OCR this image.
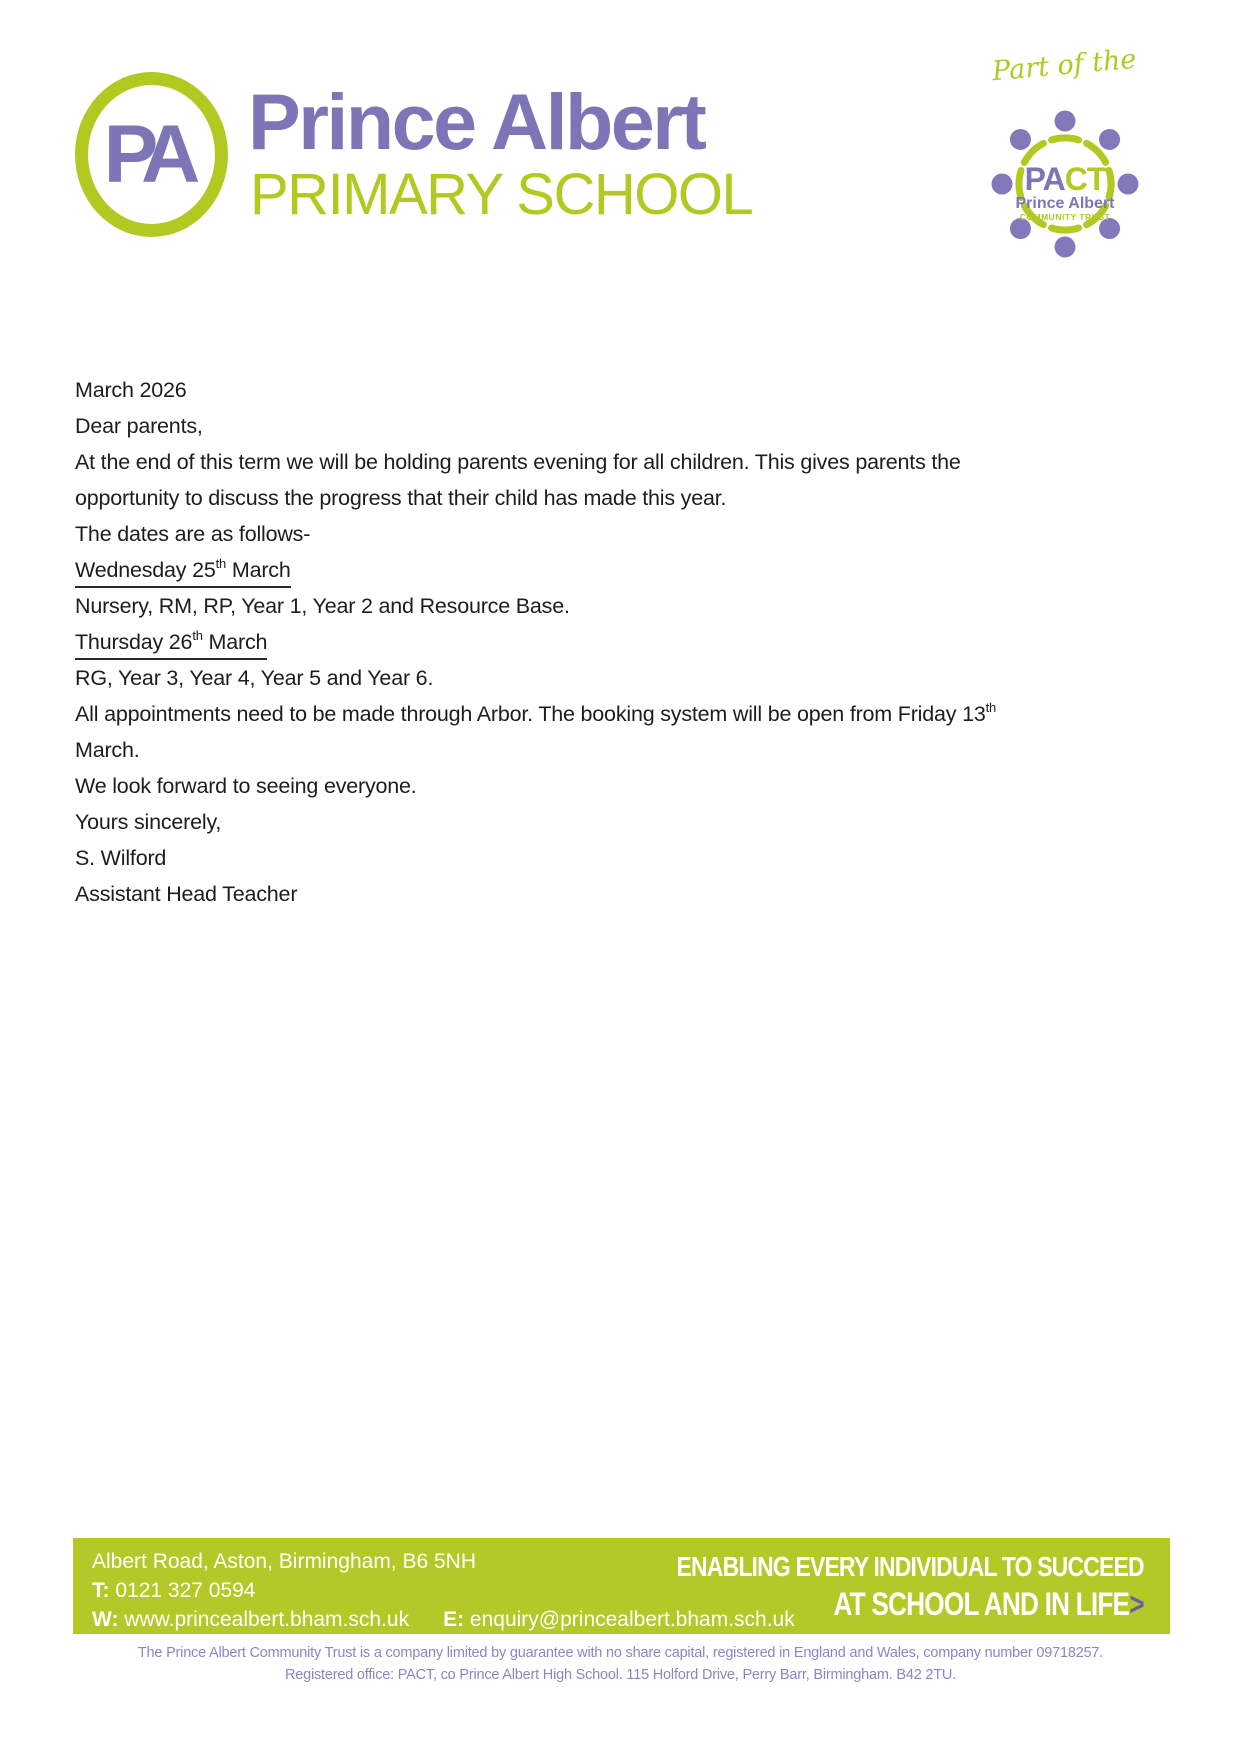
PA Prince Albert
PRIMARY SCHOOL
Part of the
PACT
Prince Albert
COMMUNITY TRUST

March 2026

Dear parents,

At the end of this term we will be holding parents evening for all children. This gives parents the
opportunity to discuss the progress that their child has made this year.

The dates are as follows-

Wednesday 25th March

Nursery, RM, RP, Year 1, Year 2 and Resource Base.

Thursday 26th March

RG, Year 3, Year 4, Year 5 and Year 6.

All appointments need to be made through Arbor. The booking system will be open from Friday 13th
March.

We look forward to seeing everyone.

Yours sincerely,

S. Wilford

Assistant Head Teacher

Albert Road, Aston, Birmingham, B6 5NH
T: 0121 327 0594
W: www.princealbert.bham.sch.uk E: enquiry@princealbert.bham.sch.uk
ENABLING EVERY INDIVIDUAL TO SUCCEED
AT SCHOOL AND IN LIFE>
The Prince Albert Community Trust is a company limited by guarantee with no share capital, registered in England and Wales, company number 09718257.
Registered office: PACT, co Prince Albert High School. 115 Holford Drive, Perry Barr, Birmingham. B42 2TU.
